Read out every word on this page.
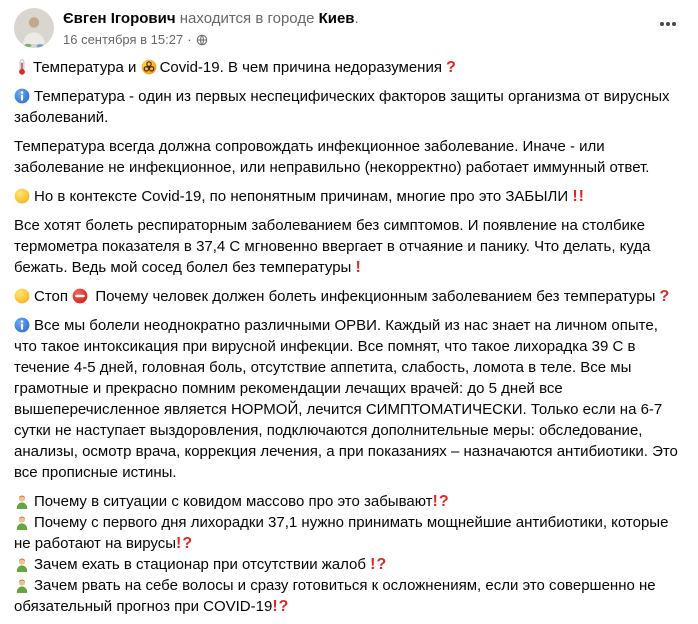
Євген Ігорович находится в городе Киев.
16 сентября в 15:27 ·

Температура и
Covid-19. В чем причина недоразумения ?

Температура - один из первых неспецифических факторов защиты организма от вирусных заболеваний.

Температура всегда должна сопровождать инфекционное заболевание. Иначе - или заболевание не инфекционное, или неправильно (некорректно) работает иммунный ответ.

Но в контексте Covid-19, по непонятным причинам, многие про это ЗАБЫЛИ !!

Все хотят болеть респираторным заболеванием без симптомов. И появление на столбике термометра показателя в 37,4 С мгновенно ввергает в отчаяние и панику. Что делать, куда бежать. Ведь мой сосед болел без температуры !

Стоп
Почему человек должен болеть инфекционным заболеванием без температуры ?

Все мы болели неоднократно различными ОРВИ. Каждый из нас знает на личном опыте, что такое интоксикация при вирусной инфекции. Все помнят, что такое лихорадка 39 С в течение 4-5 дней, головная боль, отсутствие аппетита, слабость, ломота в теле. Все мы грамотные и прекрасно помним рекомендации лечащих врачей: до 5 дней все вышеперечисленное является НОРМОЙ, лечится СИМПТОМАТИЧЕСКИ. Только если на 6-7 сутки не наступает выздоровления, подключаются дополнительные меры: обследование, анализы, осмотр врача, коррекция лечения, а при показаниях – назначаются антибиотики. Это все прописные истины.

Почему в ситуации с ковидом массово про это забывают!?

Почему с первого дня лихорадки 37,1 нужно принимать мощнейшие антибиотики, которые не работают на вирусы!?

Зачем ехать в стационар при отсутствии жалоб !?

Зачем рвать на себе волосы и сразу готовиться к осложнениям, если это совершенно не обязательный прогноз при COVID-19!?
